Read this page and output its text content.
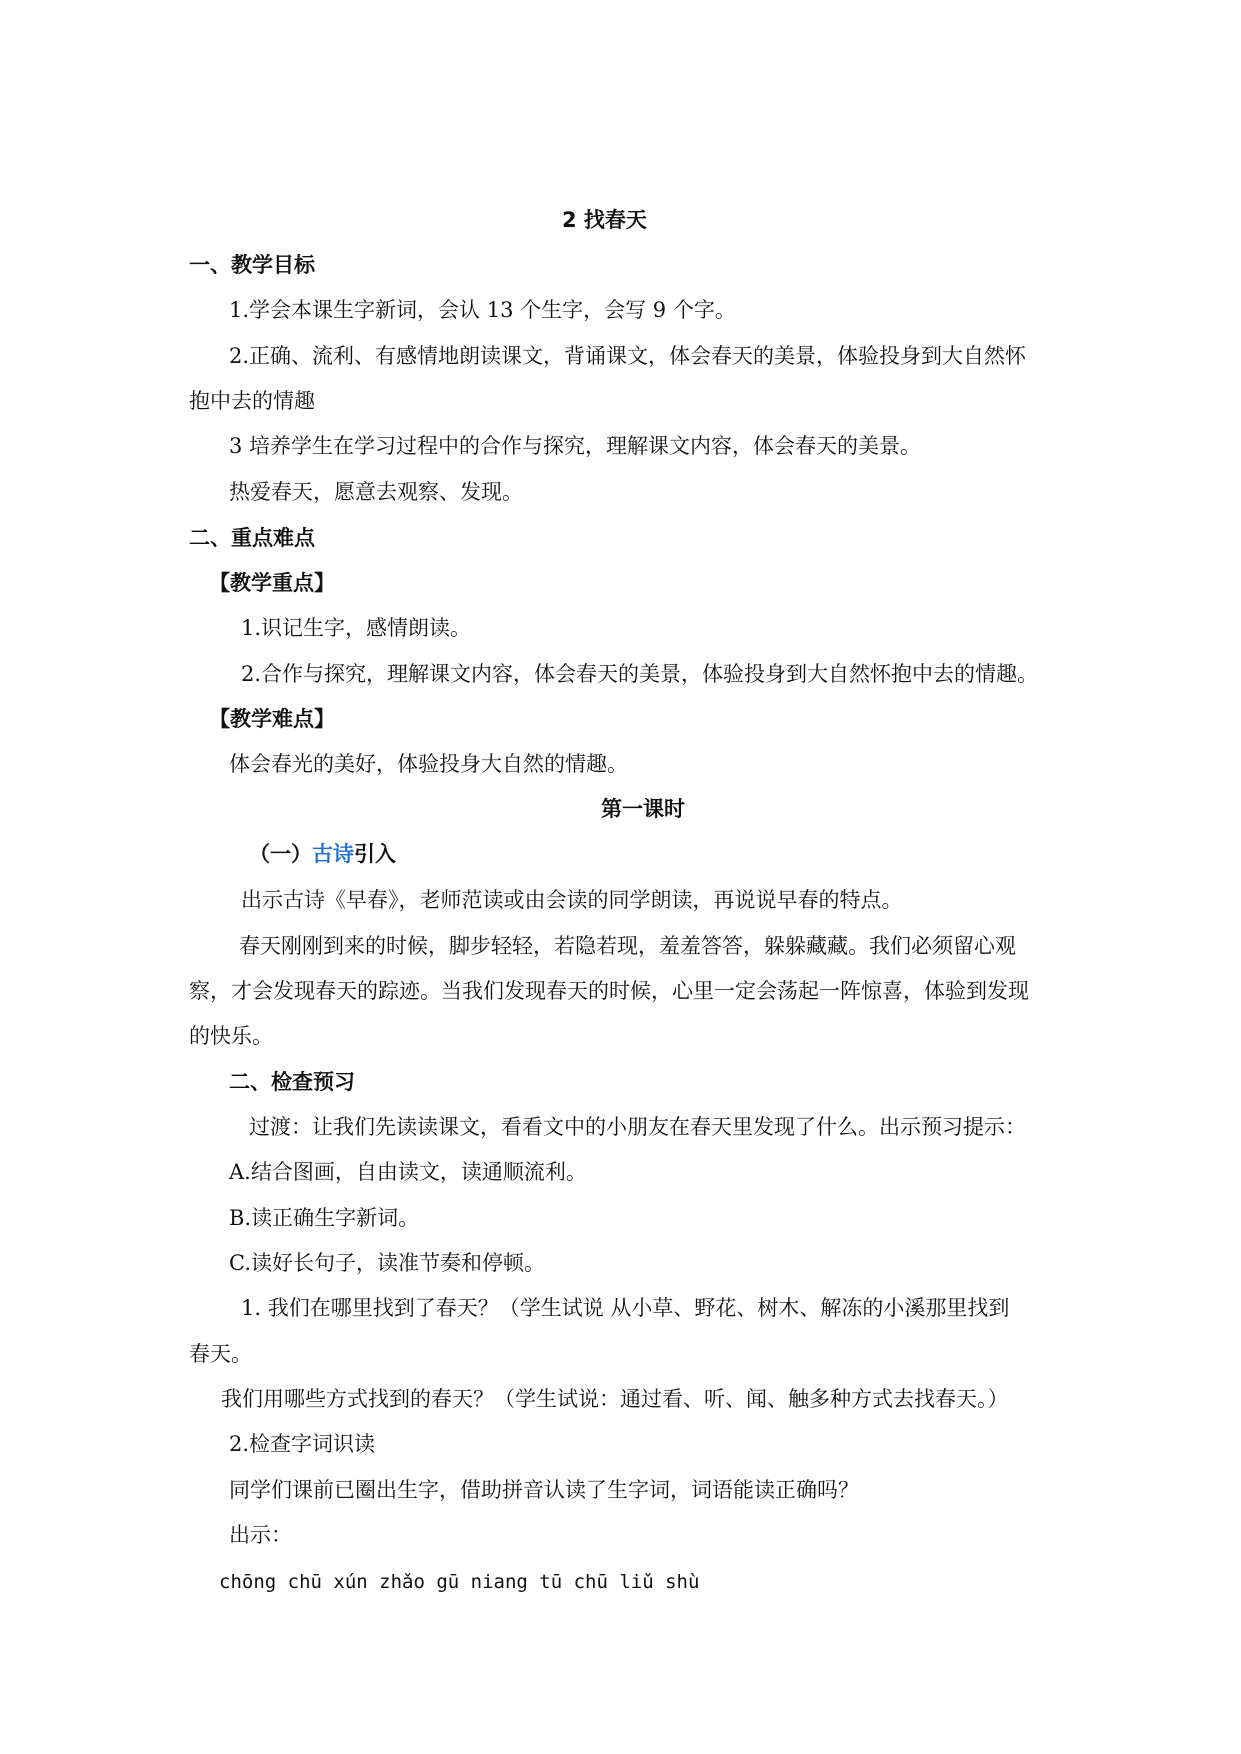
2 找春天
一、教学目标
1.学会本课生字新词，会认 13 个生字，会写 9 个字。
2.正确、流利、有感情地朗读课文，背诵课文，体会春天的美景，体验投身到大自然怀
抱中去的情趣
3 培养学生在学习过程中的合作与探究，理解课文内容，体会春天的美景。
热爱春天，愿意去观察、发现。
二、重点难点
【教学重点】
1.识记生字，感情朗读。
2.合作与探究，理解课文内容，体会春天的美景，体验投身到大自然怀抱中去的情趣。
【教学难点】
体会春光的美好，体验投身大自然的情趣。
第一课时
（一）古诗引入
出示古诗《早春》，老师范读或由会读的同学朗读，再说说早春的特点。
春天刚刚到来的时候，脚步轻轻，若隐若现，羞羞答答，躲躲藏藏。我们必须留心观
察，才会发现春天的踪迹。当我们发现春天的时候，心里一定会荡起一阵惊喜，体验到发现
的快乐。
二、检查预习
过渡：让我们先读读课文，看看文中的小朋友在春天里发现了什么。出示预习提示：
A.结合图画，自由读文，读通顺流利。
B.读正确生字新词。
C.读好长句子，读准节奏和停顿。
1. 我们在哪里找到了春天？（学生试说 从小草、野花、树木、解冻的小溪那里找到
春天。
我们用哪些方式找到的春天？（学生试说：通过看、听、闻、触多种方式去找春天。）
2.检查字词识读
同学们课前已圈出生字，借助拼音认读了生字词，词语能读正确吗？
出示：
chōng chū xún zhǎo gū niang tū chū liǔ shù
